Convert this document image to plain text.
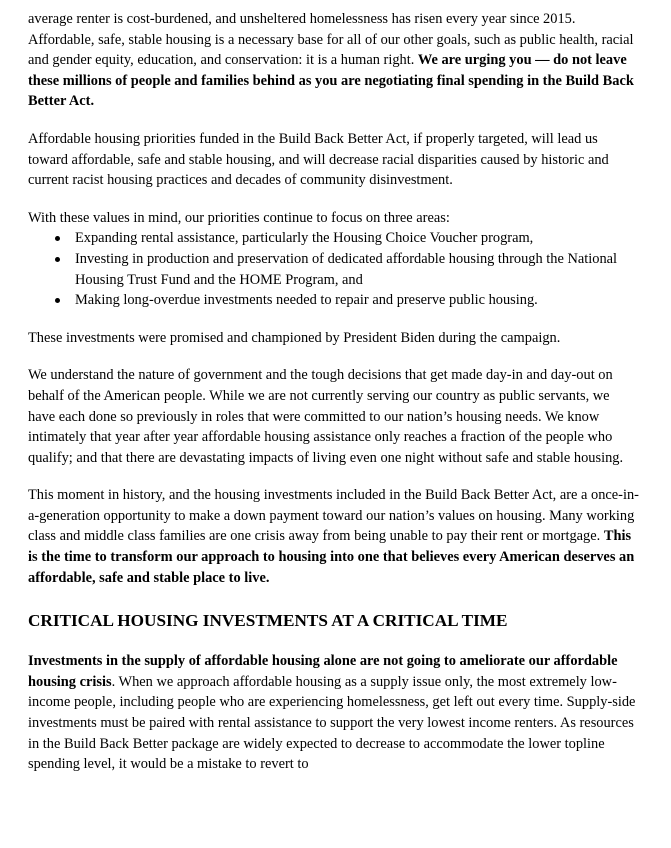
average renter is cost-burdened, and unsheltered homelessness has risen every year since 2015. Affordable, safe, stable housing is a necessary base for all of our other goals, such as public health, racial and gender equity, education, and conservation: it is a human right. We are urging you — do not leave these millions of people and families behind as you are negotiating final spending in the Build Back Better Act.

Affordable housing priorities funded in the Build Back Better Act, if properly targeted, will lead us toward affordable, safe and stable housing, and will decrease racial disparities caused by historic and current racist housing practices and decades of community disinvestment.

With these values in mind, our priorities continue to focus on three areas:

Expanding rental assistance, particularly the Housing Choice Voucher program,
Investing in production and preservation of dedicated affordable housing through the National Housing Trust Fund and the HOME Program, and
Making long-overdue investments needed to repair and preserve public housing.

These investments were promised and championed by President Biden during the campaign.

We understand the nature of government and the tough decisions that get made day-in and day-out on behalf of the American people. While we are not currently serving our country as public servants, we have each done so previously in roles that were committed to our nation’s housing needs. We know intimately that year after year affordable housing assistance only reaches a fraction of the people who qualify; and that there are devastating impacts of living even one night without safe and stable housing.

This moment in history, and the housing investments included in the Build Back Better Act, are a once-in-a-generation opportunity to make a down payment toward our nation’s values on housing. Many working class and middle class families are one crisis away from being unable to pay their rent or mortgage. This is the time to transform our approach to housing into one that believes every American deserves an affordable, safe and stable place to live.

CRITICAL HOUSING INVESTMENTS AT A CRITICAL TIME

Investments in the supply of affordable housing alone are not going to ameliorate our affordable housing crisis. When we approach affordable housing as a supply issue only, the most extremely low-income people, including people who are experiencing homelessness, get left out every time. Supply-side investments must be paired with rental assistance to support the very lowest income renters. As resources in the Build Back Better package are widely expected to decrease to accommodate the lower topline spending level, it would be a mistake to revert to
